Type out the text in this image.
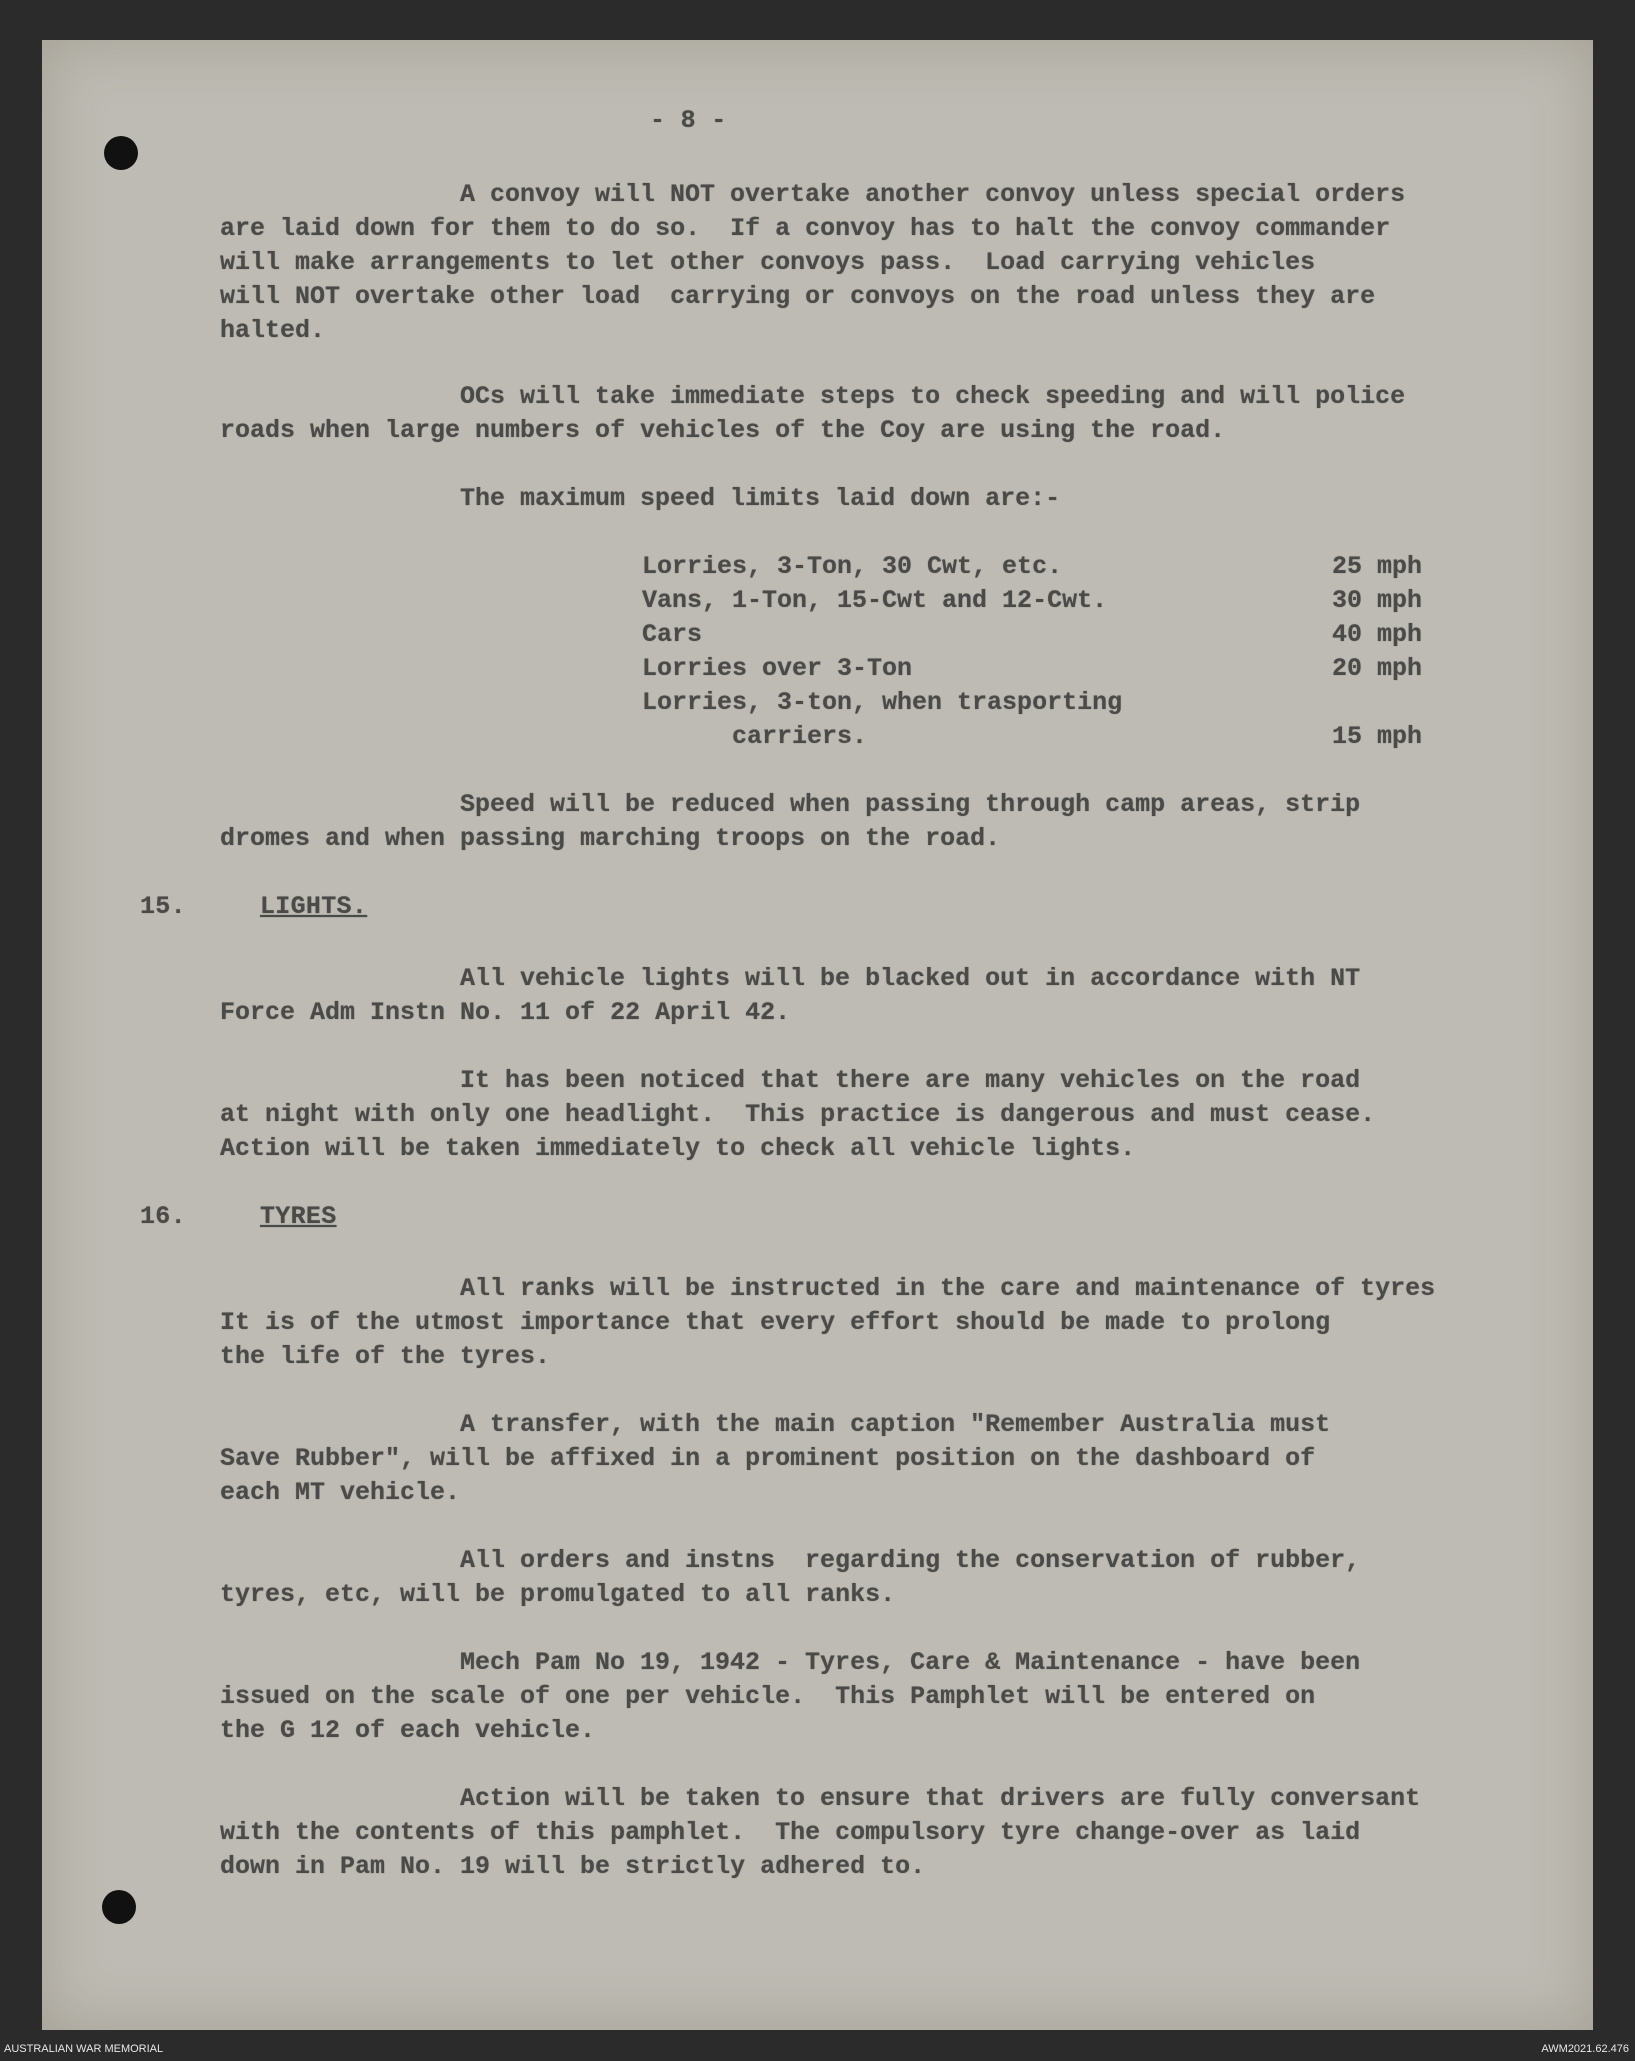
- 8 -
A convoy will NOT overtake another convoy unless special orders
are laid down for them to do so.  If a convoy has to halt the convoy commander
will make arrangements to let other convoys pass.  Load carrying vehicles
will NOT overtake other load  carrying or convoys on the road unless they are
halted.
OCs will take immediate steps to check speeding and will police
roads when large numbers of vehicles of the Coy are using the road.
The maximum speed limits laid down are:-
Lorries, 3-Ton, 30 Cwt, etc.	25 mph
Vans, 1-Ton, 15-Cwt and 12-Cwt.	30 mph
Cars	40 mph
Lorries over 3-Ton	20 mph
Lorries, 3-ton, when trasporting
carriers.	15 mph
Speed will be reduced when passing through camp areas, strip
dromes and when passing marching troops on the road.
15.	LIGHTS.
All vehicle lights will be blacked out in accordance with NT
Force Adm Instn No. 11 of 22 April 42.
It has been noticed that there are many vehicles on the road
at night with only one headlight.  This practice is dangerous and must cease.
Action will be taken immediately to check all vehicle lights.
16.	TYRES
All ranks will be instructed in the care and maintenance of tyres
It is of the utmost importance that every effort should be made to prolong
the life of the tyres.
A transfer, with the main caption "Remember Australia must
Save Rubber", will be affixed in a prominent position on the dashboard of
each MT vehicle.
All orders and instns  regarding the conservation of rubber,
tyres, etc, will be promulgated to all ranks.
Mech Pam No 19, 1942 - Tyres, Care & Maintenance - have been
issued on the scale of one per vehicle.  This Pamphlet will be entered on
the G 12 of each vehicle.
Action will be taken to ensure that drivers are fully conversant
with the contents of this pamphlet.  The compulsory tyre change-over as laid
down in Pam No. 19 will be strictly adhered to.
AUSTRALIAN WAR MEMORIAL	AWM2021.62.476
